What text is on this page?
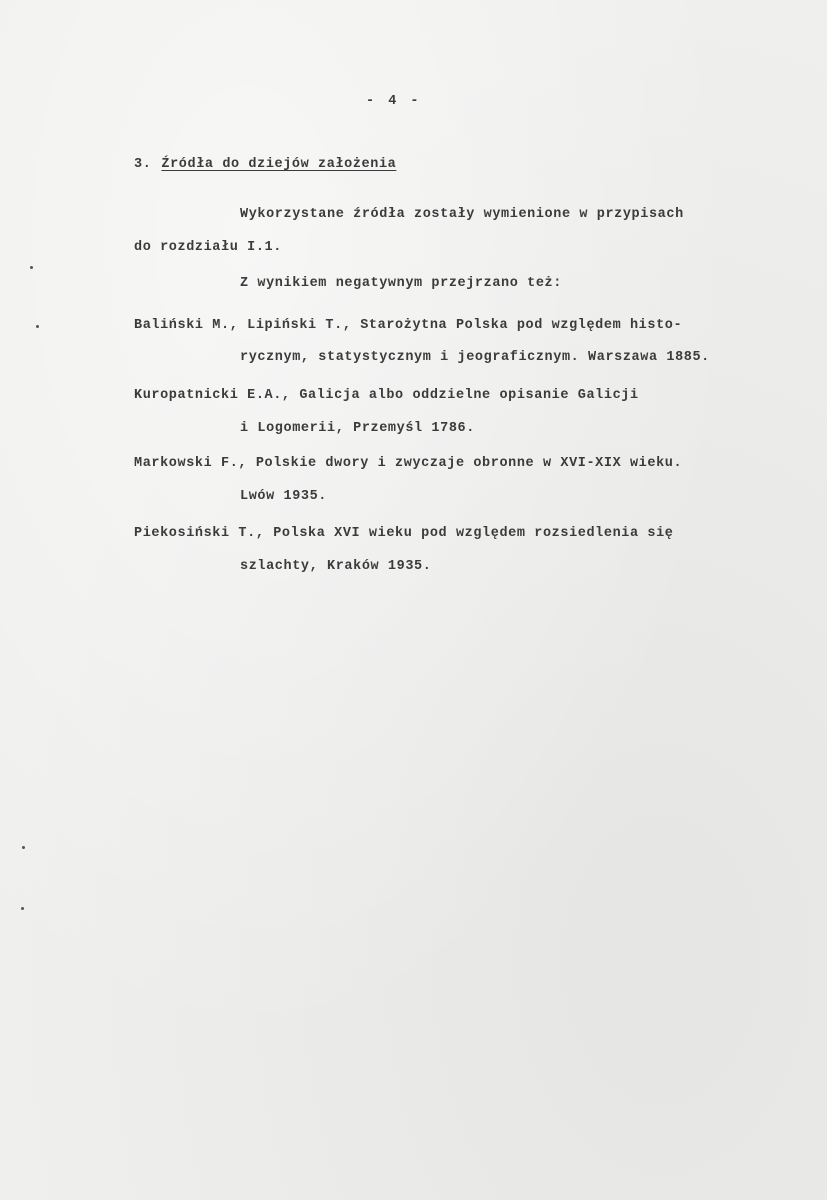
- 4 -
3. Źródła do dziejów założenia
Wykorzystane źródła zostały wymienione w przypisach
do rozdziału I.1.
Z wynikiem negatywnym przejrzano też:
Baliński M., Lipiński T., Starożytna Polska pod względem histo-
rycznym, statystycznym i jeograficznym. Warszawa 1885.
Kuropatnicki E.A., Galicja albo oddzielne opisanie Galicji
i Logomerii, Przemyśl 1786.
Markowski F., Polskie dwory i zwyczaje obronne w XVI-XIX wieku.
Lwów 1935.
Piekosiński T., Polska XVI wieku pod względem rozsiedlenia się
szlachty, Kraków 1935.
